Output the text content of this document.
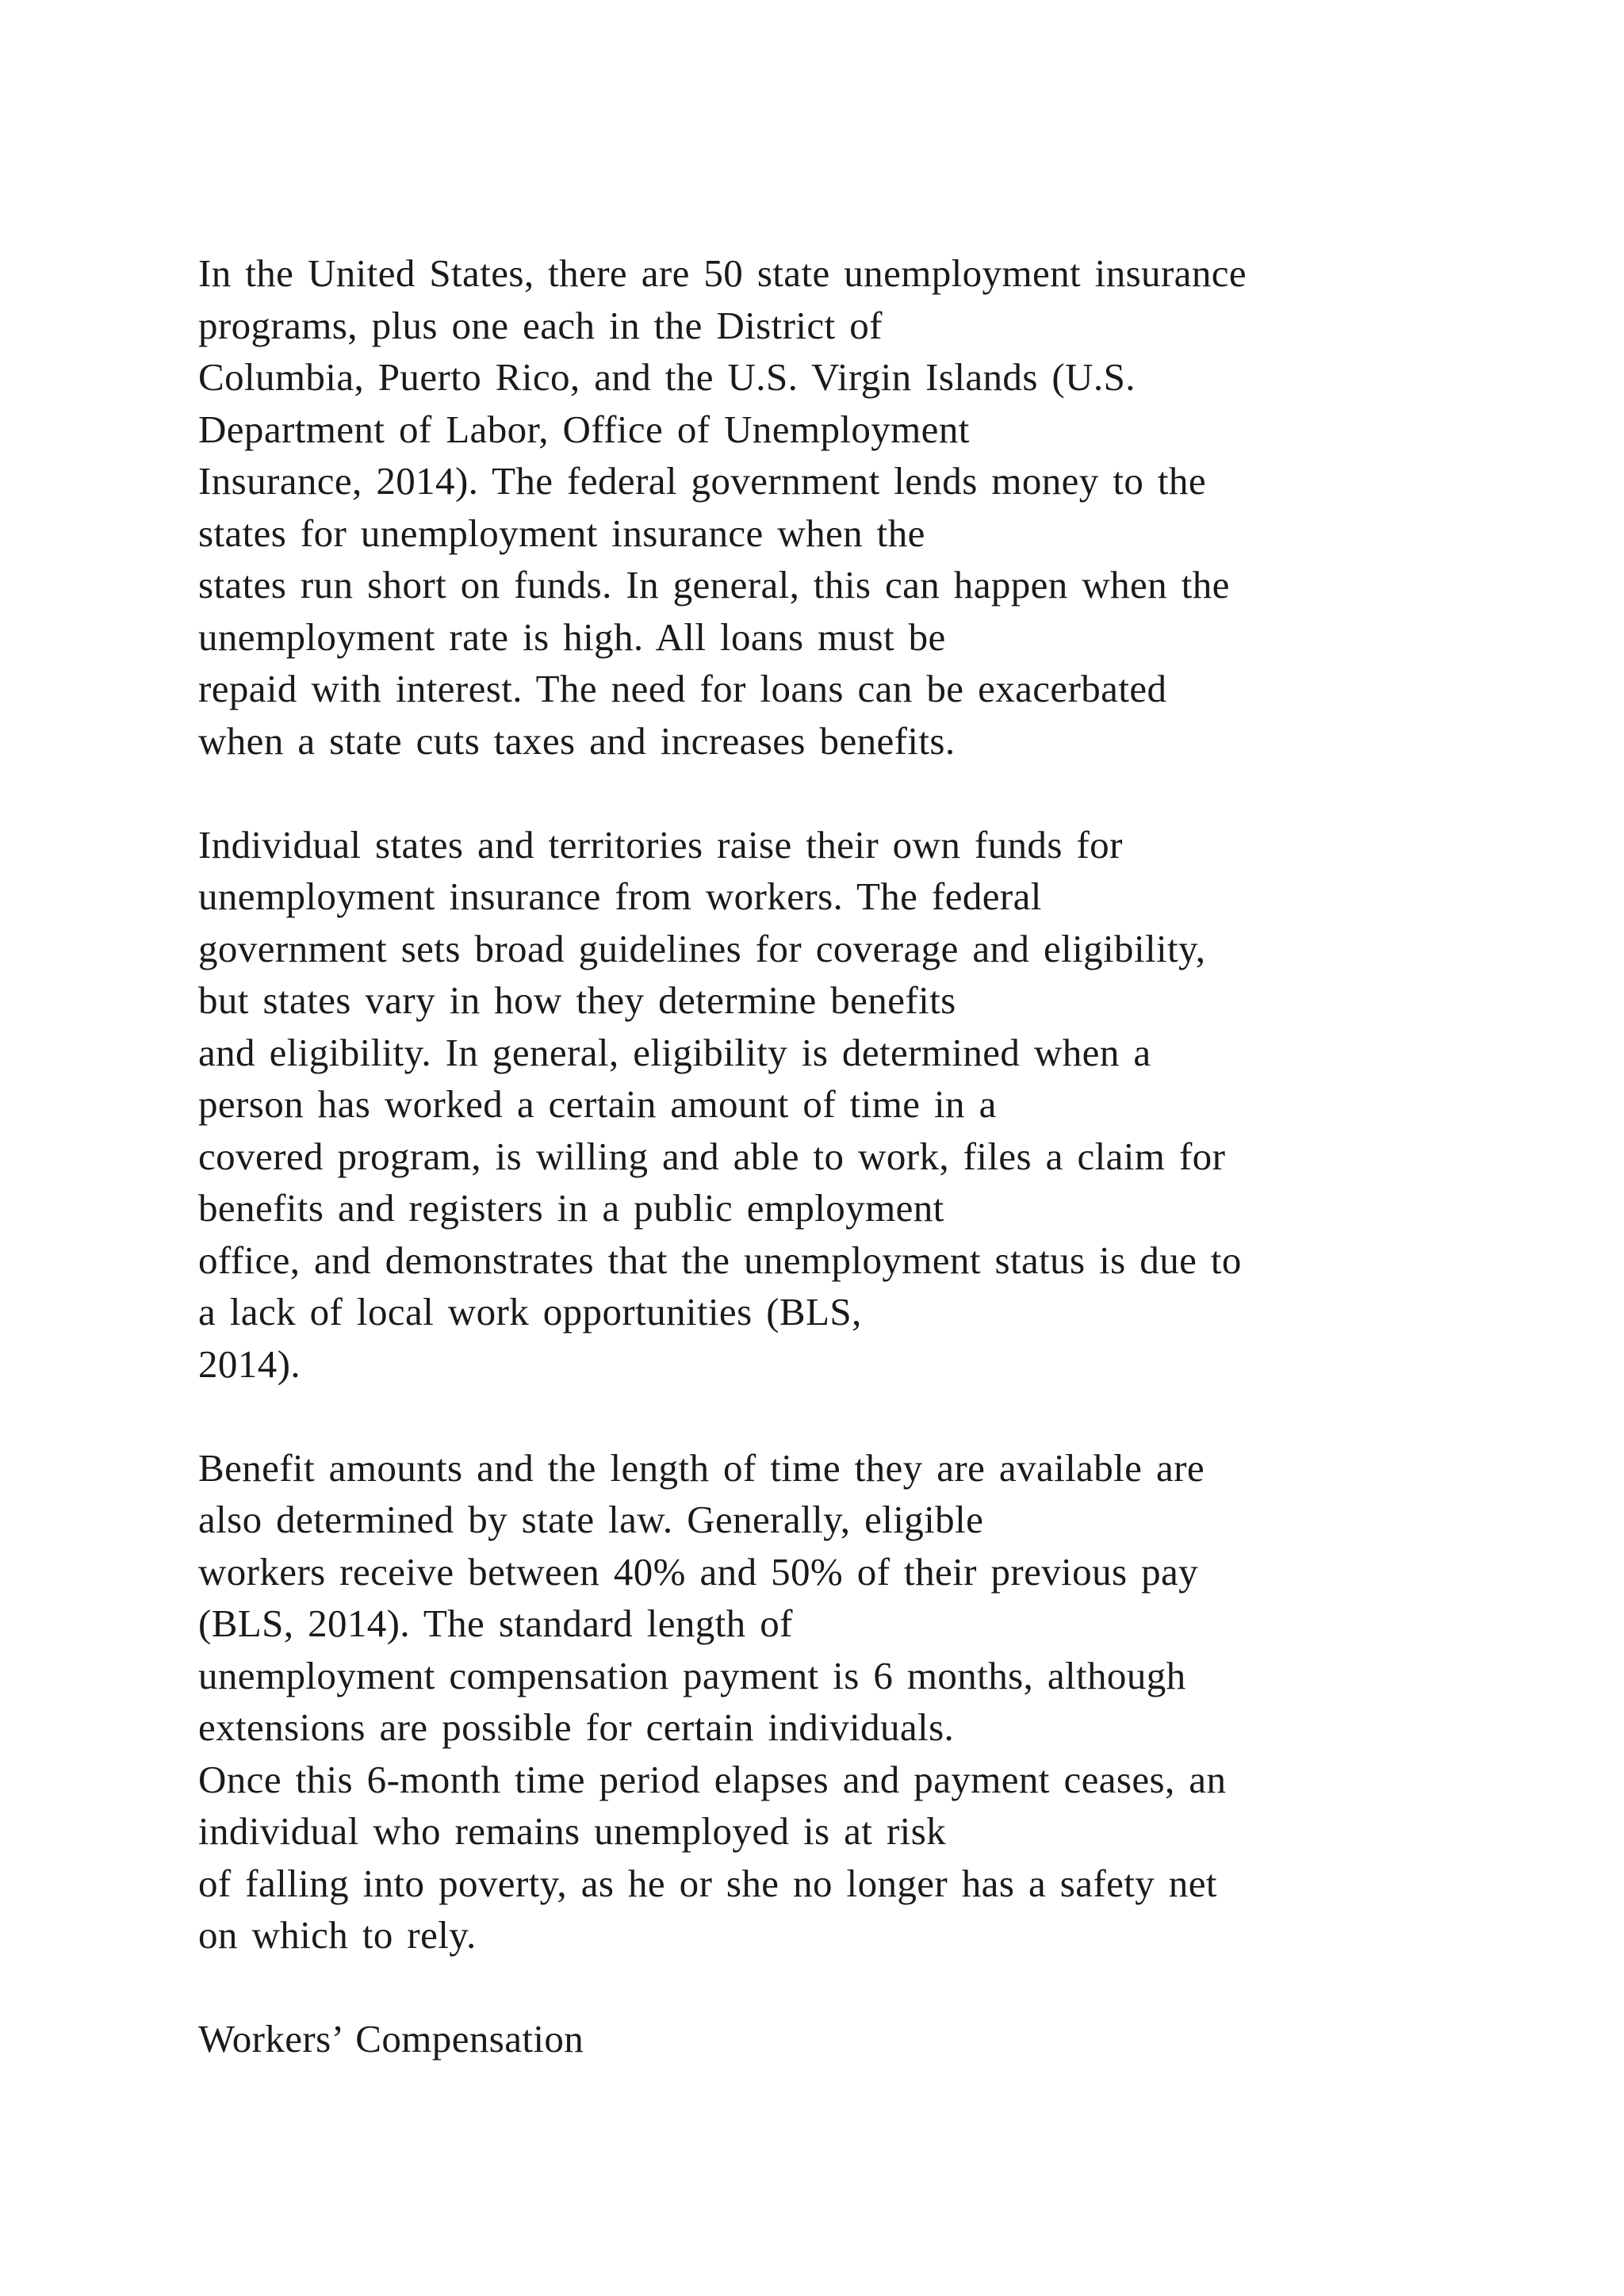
In the United States, there are 50 state unemployment insurance
programs, plus one each in the District of
Columbia, Puerto Rico, and the U.S. Virgin Islands (U.S.
Department of Labor, Office of Unemployment
Insurance, 2014). The federal government lends money to the
states for unemployment insurance when the
states run short on funds. In general, this can happen when the
unemployment rate is high. All loans must be
repaid with interest. The need for loans can be exacerbated
when a state cuts taxes and increases benefits.

Individual states and territories raise their own funds for
unemployment insurance from workers. The federal
government sets broad guidelines for coverage and eligibility,
but states vary in how they determine benefits
and eligibility. In general, eligibility is determined when a
person has worked a certain amount of time in a
covered program, is willing and able to work, files a claim for
benefits and registers in a public employment
office, and demonstrates that the unemployment status is due to
a lack of local work opportunities (BLS,
2014).

Benefit amounts and the length of time they are available are
also determined by state law. Generally, eligible
workers receive between 40% and 50% of their previous pay
(BLS, 2014). The standard length of
unemployment compensation payment is 6 months, although
extensions are possible for certain individuals.
Once this 6-month time period elapses and payment ceases, an
individual who remains unemployed is at risk
of falling into poverty, as he or she no longer has a safety net
on which to rely.

Workers’ Compensation
